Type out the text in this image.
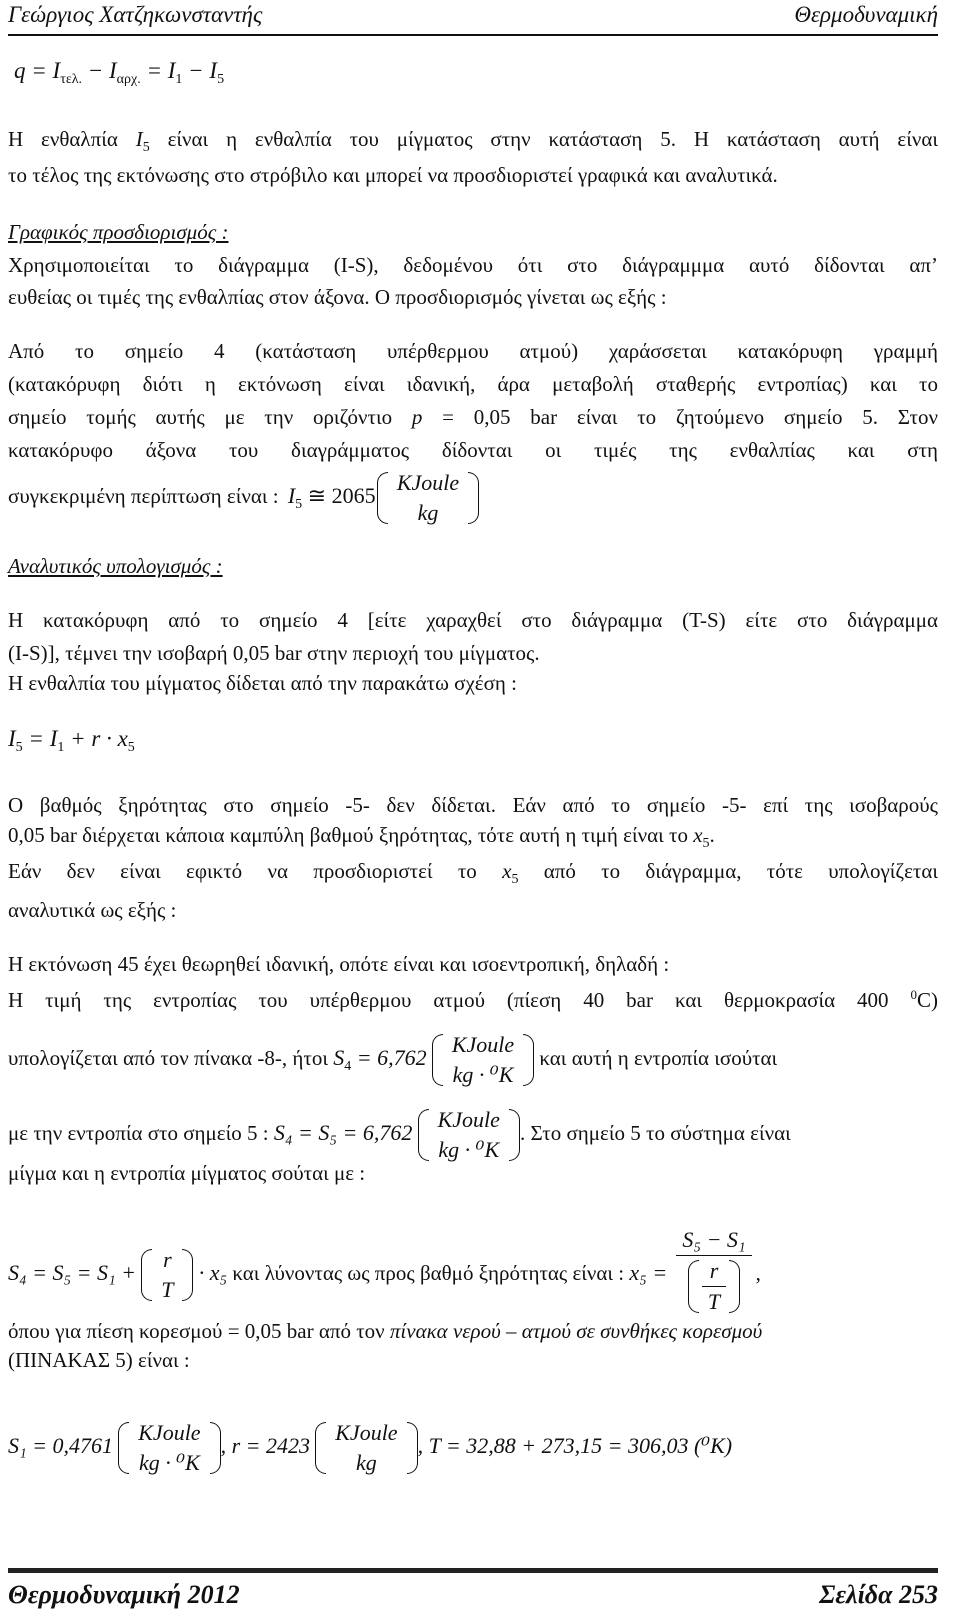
Γεώργιος Χατζηκωνσταντής	Θερμοδυναμική
$q = I_{\tau\varepsilon\lambda.} - I_{\alpha\rho\chi.} = I_1 - I_5$
Η ενθαλπία $I_5$ είναι η ενθαλπία του μίγματος στην κατάσταση 5. Η κατάσταση αυτή είναι
το τέλος της εκτόνωσης στο στρόβιλο και μπορεί να προσδιοριστεί γραφικά και αναλυτικά.
Γραφικός προσδιορισμός :
Χρησιμοποιείται το διάγραμμα (I-S), δεδομένου ότι στο διάγραμμμα αυτό δίδονται απ’
ευθείας οι τιμές της ενθαλπίας στον άξονα. Ο προσδιορισμός γίνεται ως εξής :
Από το σημείο 4 (κατάσταση υπέρθερμου ατμού) χαράσσεται κατακόρυφη γραμμή
(κατακόρυφη διότι η εκτόνωση είναι ιδανική, άρα μεταβολή σταθερής εντροπίας) και το
σημείο τομής αυτής με την οριζόντιο p = 0,05 bar είναι το ζητούμενο σημείο 5. Στον
κατακόρυφο άξονα του διαγράμματος δίδονται οι τιμές της ενθαλπίας και στη
συγκεκριμένη περίπτωση είναι : $I_5$ ≅ 2065
KJoule
kg
Αναλυτικός υπολογισμός :
Η κατακόρυφη από το σημείο 4 [είτε χαραχθεί στο διάγραμμα (T-S) είτε στο διάγραμμα
(I-S)], τέμνει την ισοβαρή 0,05 bar στην περιοχή του μίγματος.
Η ενθαλπία του μίγματος δίδεται από την παρακάτω σχέση :
$I_5 = I_1 + r \cdot x_5$
Ο βαθμός ξηρότητας στο σημείο -5- δεν δίδεται. Εάν από το σημείο -5- επί της ισοβαρούς
0,05 bar διέρχεται κάποια καμπύλη βαθμού ξηρότητας, τότε αυτή η τιμή είναι το $x_5$.
Εάν δεν είναι εφικτό να προσδιοριστεί το $x_5$ από το διάγραμμα, τότε υπολογίζεται
αναλυτικά ως εξής :
Η εκτόνωση 45 έχει θεωρηθεί ιδανική, οπότε είναι και ισοεντροπική, δηλαδή :
Η τιμή της εντροπίας του υπέρθερμου ατμού (πίεση 40 bar και θερμοκρασία 400 $^0$C)
υπολογίζεται από τον πίνακα -8-, ήτοι $S_4 = 6,762$
KJoule
kg · ⁰K
και αυτή η εντροπία ισούται
με την εντροπία στο σημείο 5 : S₄ = S₅ = 6,762
KJoule
kg · ⁰K
. Στο σημείο 5 το σύστημα είναι
μίγμα και η εντροπία μίγματος σούται με :
S₄ = S₅ = S₁ +
r
T
· x₅ και λύνοντας ως προς βαθμό ξηρότητας είναι : $x_5 = \frac{\text{S₅ − S₁}}{\frac{r}{T}}$ ,
όπου για πίεση κορεσμού = 0,05 bar από τον πίνακα νερού – ατμού σε συνθήκες κορεσμού
(ΠΙΝΑΚΑΣ 5) είναι :
S₁ = 0,4761
KJoule
kg · ⁰K
, r = 2423
KJoule
kg
, T = 32,88 + 273,15 = 306,03 (⁰K)
Θερμοδυναμική 2012	Σελίδα 253
